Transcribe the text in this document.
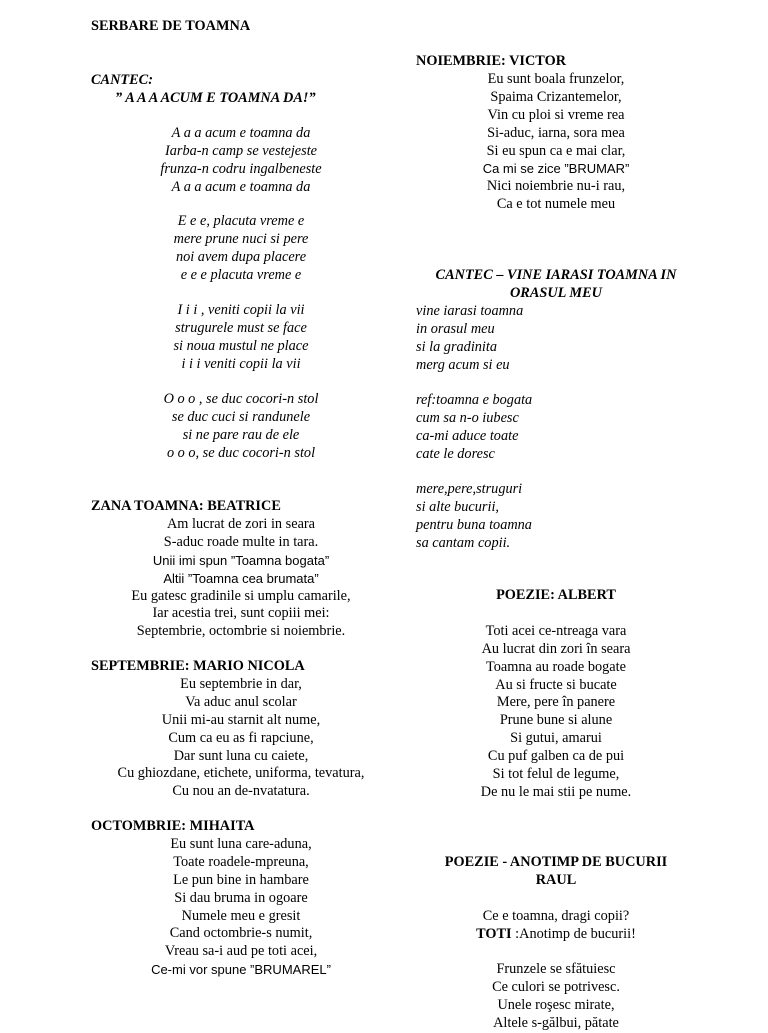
SERBARE DE TOAMNA
CANTEC:
” A A A ACUM E TOAMNA DA!”
A a a acum e toamna da
Iarba-n camp se vestejeste
frunza-n codru ingalbeneste
A a a acum e toamna da
E e e, placuta vreme e
mere prune nuci si pere
noi avem dupa placere
e e e placuta vreme e
I i i , veniti copii la vii
strugurele must se face
si noua mustul ne place
i i i veniti copii la vii
O o o , se duc cocori-n stol
se duc cuci si randunele
si ne pare rau de ele
o o o, se duc cocori-n stol
ZANA TOAMNA: BEATRICE
Am lucrat de zori in seara
S-aduc roade multe in tara.
Unii imi spun ”Toamna bogata”
Altii ”Toamna cea brumata”
Eu gatesc gradinile si umplu camarile,
Iar acestia trei, sunt copiii mei:
Septembrie, octombrie si noiembrie.
SEPTEMBRIE: MARIO NICOLA
Eu septembrie in dar,
Va aduc anul scolar
Unii mi-au starnit alt nume,
Cum ca eu as fi rapciune,
Dar sunt luna cu caiete,
Cu ghiozdane, etichete, uniforma, tevatura,
Cu nou an de-nvatatura.
OCTOMBRIE: MIHAITA
Eu sunt luna care-aduna,
Toate roadele-mpreuna,
Le pun bine in hambare
Si dau bruma in ogoare
Numele meu e gresit
Cand octombrie-s numit,
Vreau sa-i aud pe toti acei,
Ce-mi vor spune ”BRUMAREL”
NOIEMBRIE: VICTOR
Eu sunt boala frunzelor,
Spaima Crizantemelor,
Vin cu ploi si vreme rea
Si-aduc, iarna, sora mea
Si eu spun ca e mai clar,
Ca mi se zice ”BRUMAR”
Nici noiembrie nu-i rau,
Ca e tot numele meu
CANTEC – VINE IARASI TOAMNA IN
ORASUL MEU
vine iarasi toamna
in orasul meu
si la gradinita
merg acum si eu
ref:toamna e bogata
cum sa n-o iubesc
ca-mi aduce toate
cate le doresc
mere,pere,struguri
si alte bucurii,
pentru buna toamna
sa cantam copii.
POEZIE: ALBERT
Toti acei ce-ntreaga vara
Au lucrat din zori în seara
Toamna au roade bogate
Au si fructe si bucate
Mere, pere în panere
Prune bune si alune
Si gutui, amarui
Cu puf galben ca de pui
Si tot felul de legume,
De nu le mai stii pe nume.
POEZIE - ANOTIMP DE BUCURII
RAUL
Ce e toamna, dragi copii?
TOTI :Anotimp de bucurii!
Frunzele se sfătuiesc
Ce culori se potrivesc.
Unele roşesc mirate,
Altele s-gălbui, pătate
